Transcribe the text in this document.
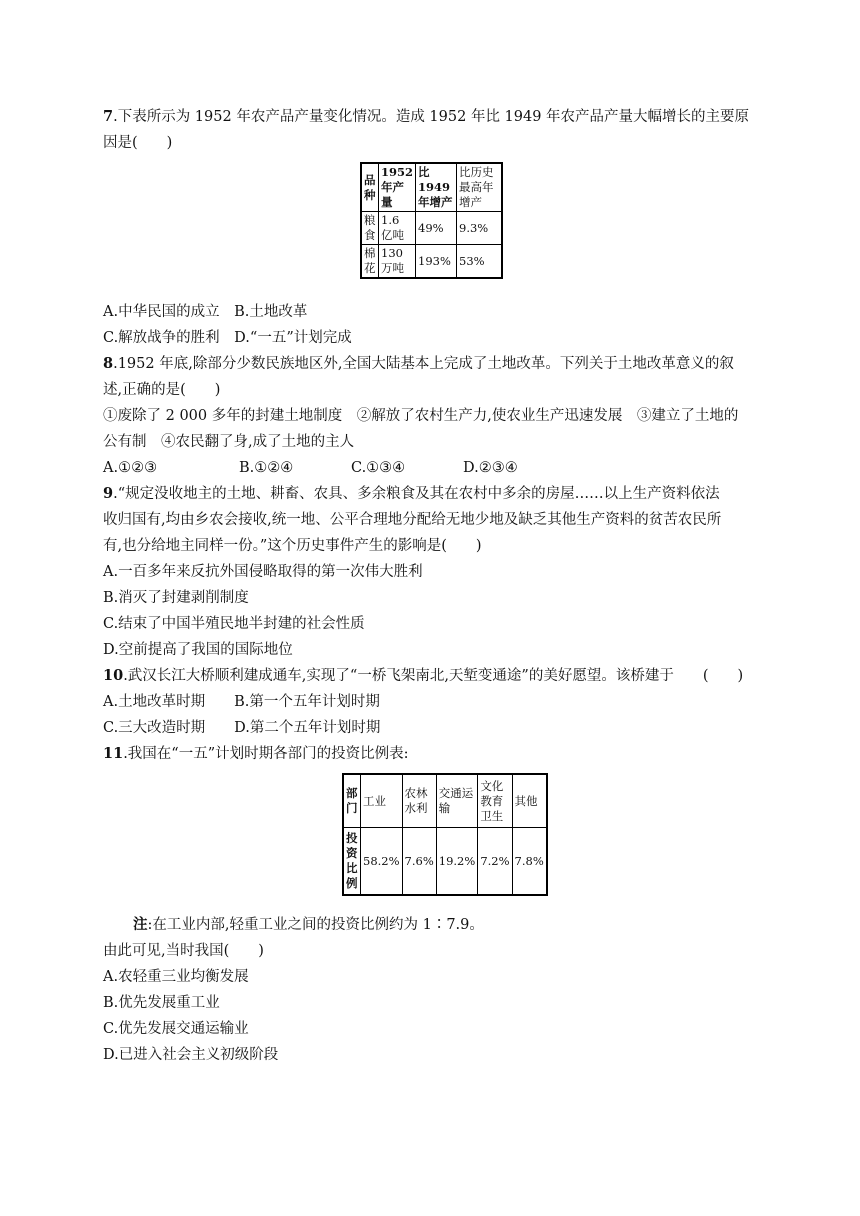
7.下表所示为 1952 年农产品产量变化情况。造成 1952 年比 1949 年农产品产量大幅增长的主要原
因是(　　)
品种	1952年产量	比1949年增产	比历史最高年增产
粮食	1.6 亿吨	49%	9.3%
棉花	130 万吨	193%	53%
A.中华民国的成立　B.土地改革
C.解放战争的胜利　D.“一五”计划完成
8.1952 年底,除部分少数民族地区外,全国大陆基本上完成了土地改革。下列关于土地改革意义的叙
述,正确的是(　　)
①废除了 2 000 多年的封建土地制度　②解放了农村生产力,使农业生产迅速发展　③建立了土地的
公有制　④农民翻了身,成了土地的主人
A.①②③	B.①②④	C.①③④	D.②③④
9.“规定没收地主的土地、耕畜、农具、多余粮食及其在农村中多余的房屋……以上生产资料依法
收归国有,均由乡农会接收,统一地、公平合理地分配给无地少地及缺乏其他生产资料的贫苦农民所
有,也分给地主同样一份。”这个历史事件产生的影响是(　　)
A.一百多年来反抗外国侵略取得的第一次伟大胜利
B.消灭了封建剥削制度
C.结束了中国半殖民地半封建的社会性质
D.空前提高了我国的国际地位
10.武汉长江大桥顺利建成通车,实现了“一桥飞架南北,天堑变通途”的美好愿望。该桥建于　　(　　)
A.土地改革时期　　B.第一个五年计划时期
C.三大改造时期　　D.第二个五年计划时期
11.我国在“一五”计划时期各部门的投资比例表:
部门	工业	农林水利	交通运输	文化教育卫生	其他
投资比例	58.2%	7.6%	19.2%	7.2%	7.8%
注:在工业内部,轻重工业之间的投资比例约为 1∶7.9。
由此可见,当时我国(　　)
A.农轻重三业均衡发展
B.优先发展重工业
C.优先发展交通运输业
D.已进入社会主义初级阶段
